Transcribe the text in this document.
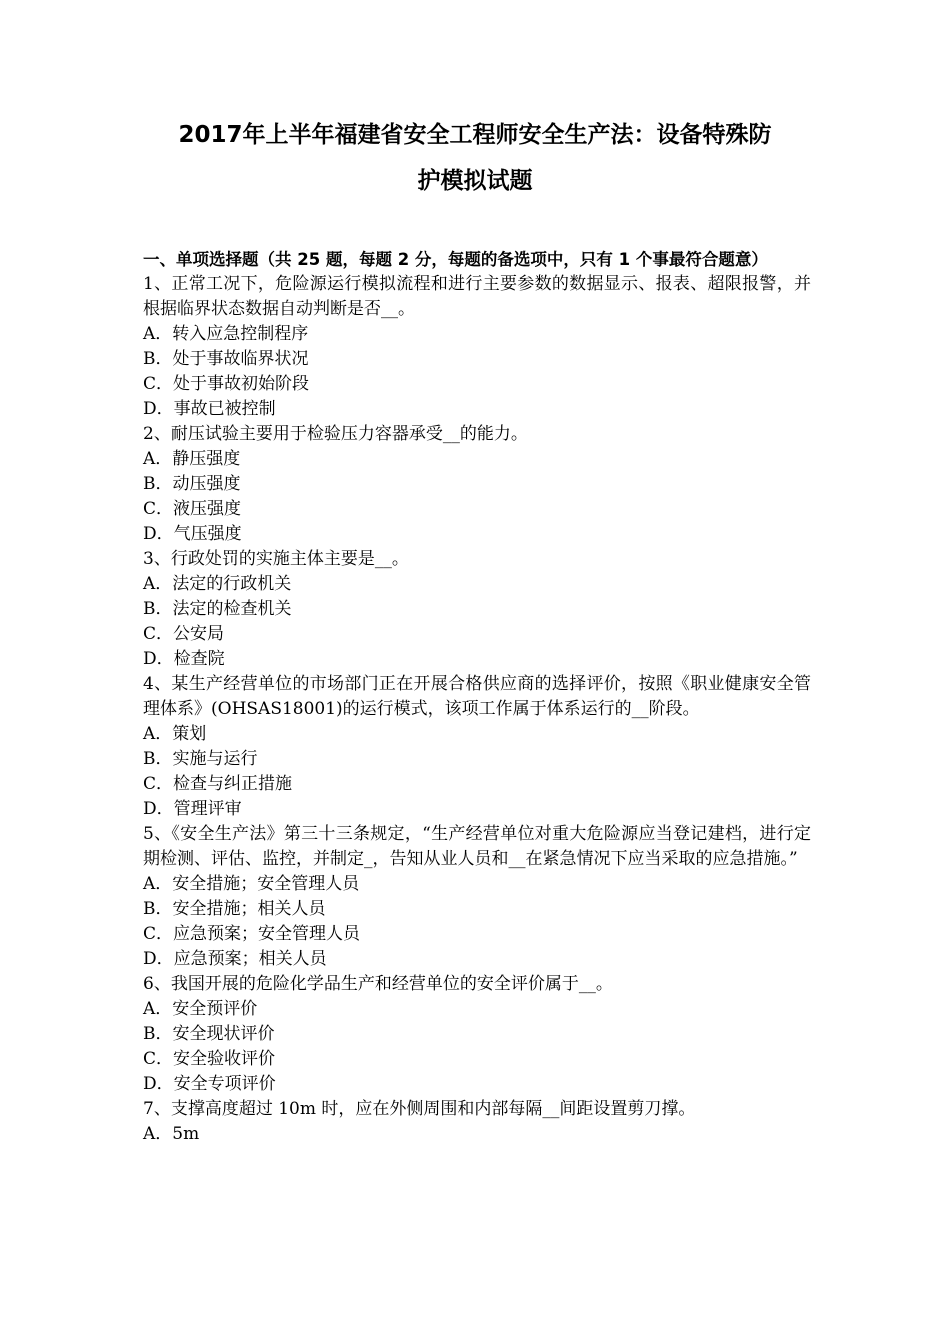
2017年上半年福建省安全工程师安全生产法：设备特殊防
护模拟试题

一、单项选择题（共 25 题，每题 2 分，每题的备选项中，只有 1 个事最符合题意）

1、正常工况下，危险源运行模拟流程和进行主要参数的数据显示、报表、超限报警，并根据临界状态数据自动判断是否__。

A．转入应急控制程序

B．处于事故临界状况

C．处于事故初始阶段

D．事故已被控制

2、耐压试验主要用于检验压力容器承受__的能力。

A．静压强度

B．动压强度

C．液压强度

D．气压强度

3、行政处罚的实施主体主要是__。

A．法定的行政机关

B．法定的检查机关

C．公安局

D．检查院

4、某生产经营单位的市场部门正在开展合格供应商的选择评价，按照《职业健康安全管理体系》(OHSAS18001)的运行模式，该项工作属于体系运行的__阶段。

A．策划

B．实施与运行

C．检查与纠正措施

D．管理评审

5、《安全生产法》第三十三条规定，“生产经营单位对重大危险源应当登记建档，进行定期检测、评估、监控，并制定_，告知从业人员和__在紧急情况下应当采取的应急措施。”

A．安全措施；安全管理人员

B．安全措施；相关人员

C．应急预案；安全管理人员

D．应急预案；相关人员

6、我国开展的危险化学品生产和经营单位的安全评价属于__。

A．安全预评价

B．安全现状评价

C．安全验收评价

D．安全专项评价

7、支撑高度超过 10m 时，应在外侧周围和内部每隔__间距设置剪刀撑。

A．5m
